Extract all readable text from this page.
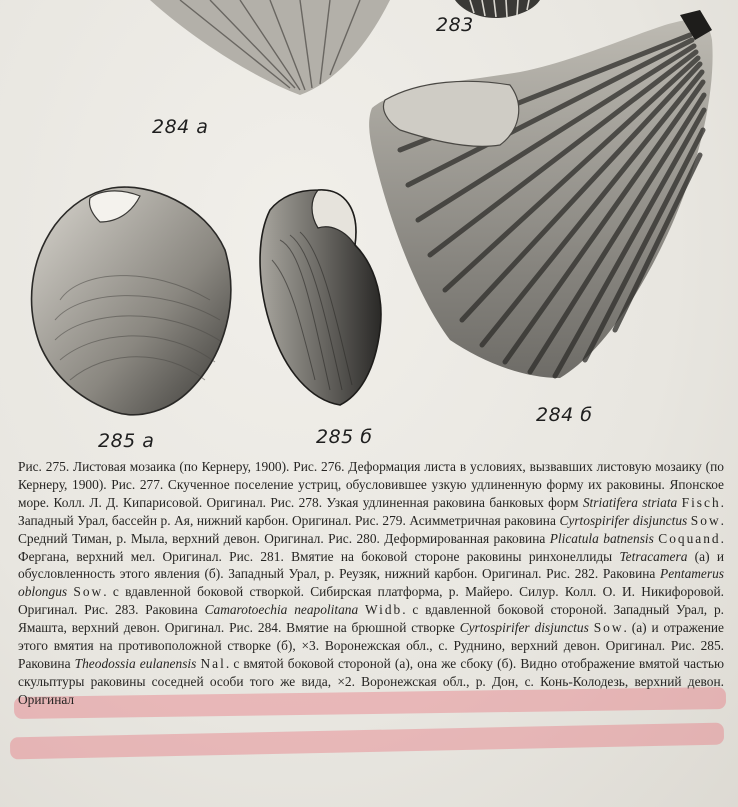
283
284 а
284 б
285 а	285 б

Рис. 275. Листовая мозаика (по Кернеру, 1900). Рис. 276. Деформация листа в условиях, вызвавших листовую мозаику (по Кернеру, 1900). Рис. 277. Скученное поселение устриц, обусловившее узкую удлиненную форму их раковины. Японское море. Колл. Л. Д. Кипарисовой. Оригинал. Рис. 278. Узкая удлиненная раковина банковых форм Striatifera striata Fisch. Западный Урал, бассейн р. Ая, нижний карбон. Оригинал. Рис. 279. Асимметричная раковина Cyrtospirifer disjunctus Sow. Средний Тиман, р. Мыла, верхний девон. Оригинал. Рис. 280. Деформированная раковина Plicatula batnensis Coquand. Фергана, верхний мел. Оригинал. Рис. 281. Вмятие на боковой стороне раковины ринхонеллиды Tetracamera (а) и обусловленность этого явления (б). Западный Урал, р. Реузяк, нижний карбон. Оригинал. Рис. 282. Раковина Pentamerus oblongus Sow. с вдавленной боковой створкой. Сибирская платформа, р. Майеро. Силур. Колл. О. И. Никифоровой. Оригинал. Рис. 283. Раковина Camarotoechia neapolitana Widb. с вдавленной боковой стороной. Западный Урал, р. Ямашта, верхний девон. Оригинал. Рис. 284. Вмятие на брюшной створке Cyrtospirifer disjunctus Sow. (а) и отражение этого вмятия на противоположной створке (б), ×3. Воронежская обл., с. Руднино, верхний девон. Оригинал. Рис. 285. Раковина Theodossia eulanensis Nal. с вмятой боковой стороной (а), она же сбоку (б). Видно отображение вмятой частью скульптуры раковины соседней особи того же вида, ×2. Воронежская обл., р. Дон, с. Конь-Колодезь, верхний девон. Оригинал
